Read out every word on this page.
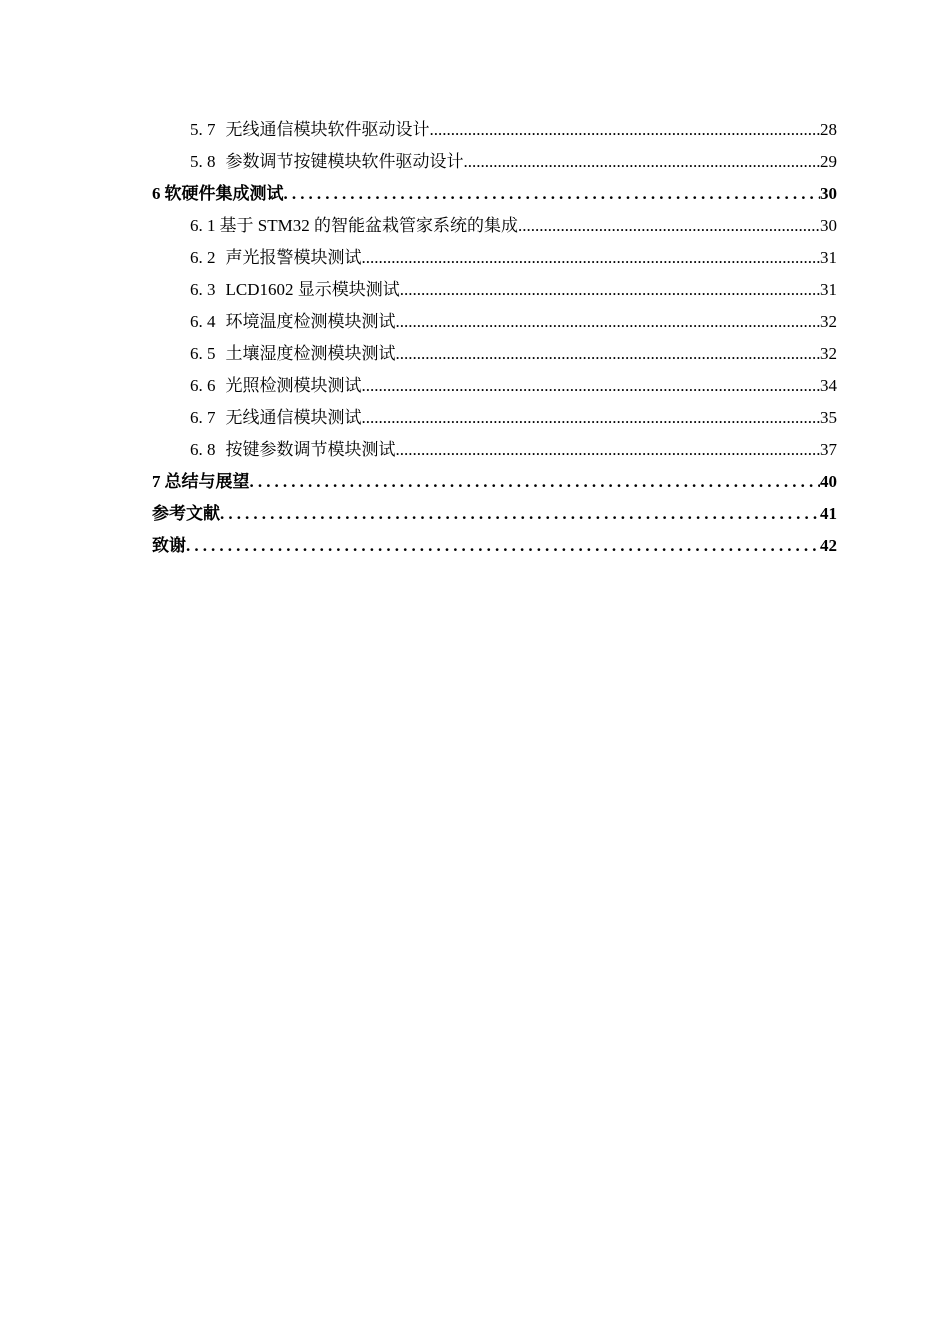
5. 7 无线通信模块软件驱动设计 .....	28
5. 8 参数调节按键模块软件驱动设计 .....	29
6 软硬件集成测试 .....	30
6. 1 基于 STM32 的智能盆栽管家系统的集成 .....	30
6. 2 声光报警模块测试 .....	31
6. 3 LCD1602 显示模块测试 .....	31
6. 4 环境温度检测模块测试 .....	32
6. 5 土壤湿度检测模块测试 .....	32
6. 6 光照检测模块测试 .....	34
6. 7 无线通信模块测试 .....	35
6. 8 按键参数调节模块测试 .....	37
7 总结与展望 .....	40
参考文献 .....	41
致谢 .....	42
